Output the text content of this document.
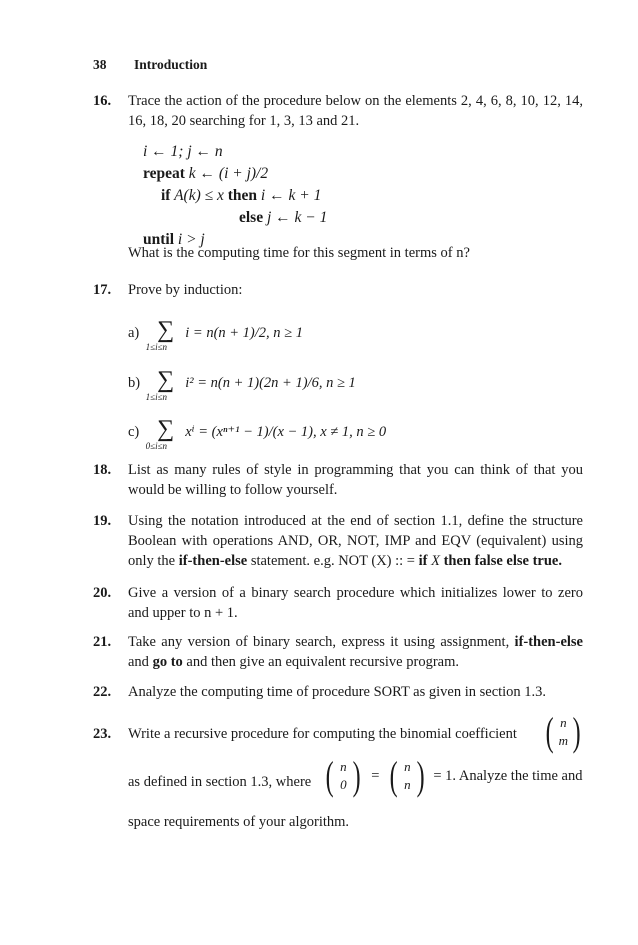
38 Introduction
16. Trace the action of the procedure below on the elements 2, 4, 6, 8, 10, 12, 14, 16, 18, 20 searching for 1, 3, 13 and 21.
i ← 1; j ← n
repeat k ← (i + j)/2
if A(k) ≤ x then i ← k + 1
else j ← k − 1
until i > j
What is the computing time for this segment in terms of n?
17. Prove by induction:
a) ∑
1≤i≤n
i = n(n + 1)/2, n ≥ 1
b) ∑
1≤i≤n
i² = n(n + 1)(2n + 1)/6, n ≥ 1
c) ∑
0≤i≤n
xⁱ = (xⁿ⁺¹ − 1)/(x − 1), x ≠ 1, n ≥ 0
18. List as many rules of style in programming that you can think of that you would be willing to follow yourself.
19. Using the notation introduced at the end of section 1.1, define the structure Boolean with operations AND, OR, NOT, IMP and EQV (equivalent) using only the if-then-else statement. e.g. NOT (X) :: = if X then false else true.
20. Give a version of a binary search procedure which initializes lower to zero and upper to n + 1.
21. Take any version of binary search, express it using assignment, if-then-else and go to and then give an equivalent recursive program.
22. Analyze the computing time of procedure SORT as given in section 1.3.
23. Write a recursive procedure for computing the binomial coefficient ( n
m )
as defined in section 1.3, where ( n
0 ) = ( n
n ) = 1. Analyze the time and
space requirements of your algorithm.
